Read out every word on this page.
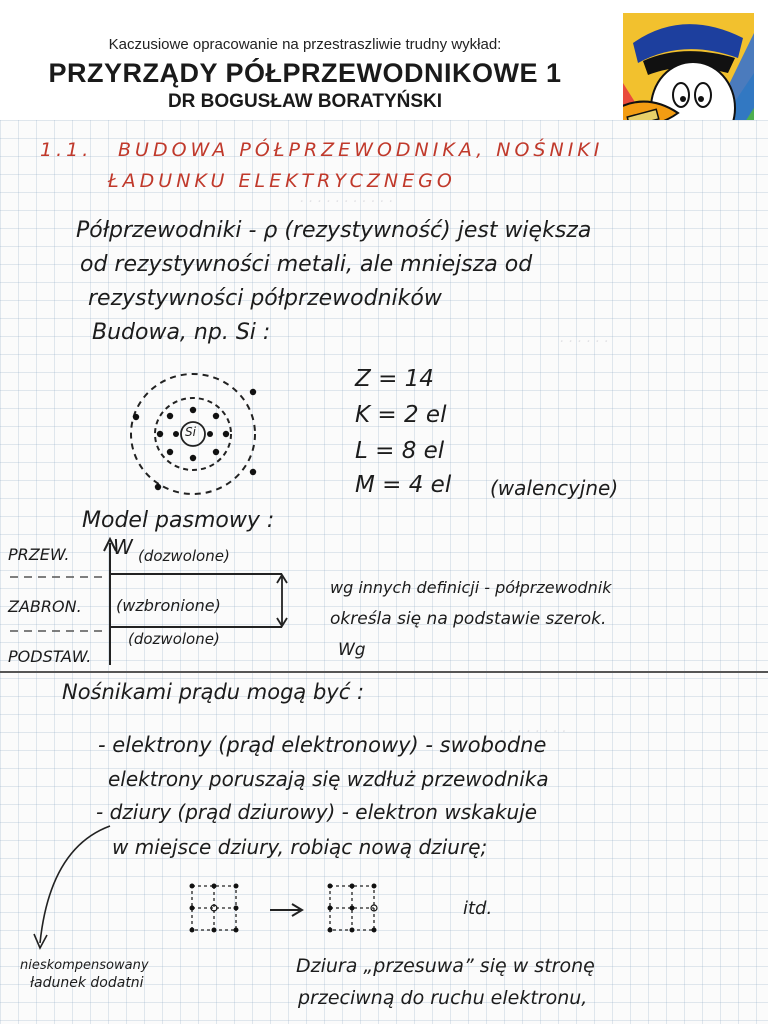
Kaczusiowe opracowanie na przestraszliwie trudny wykład:
PRZYRZĄDY PÓŁPRZEWODNIKOWE 1
DR BOGUSŁAW BORATYŃSKI
. . . . . . . . . . .
. . . . . .
. . . . . . . .
1.1. BUDOWA PÓŁPRZEWODNIKA, NOŚNIKI
ŁADUNKU ELEKTRYCZNEGO
Półprzewodniki - ρ (rezystywność) jest większa
od rezystywności metali, ale mniejsza od
rezystywności półprzewodników
Budowa, np. Si :
Si
Z = 14
K = 2 el
L = 8 el
M = 4 el (walencyjne)
Model pasmowy :
W
PRZEW.
ZABRON.
PODSTAW.
(dozwolone)
(wzbronione)
(dozwolone)
wg innych definicji - półprzewodnik
określa się na podstawie szerok.
Wg
Nośnikami prądu mogą być :
- elektrony (prąd elektronowy) - swobodne
elektrony poruszają się wzdłuż przewodnika
- dziury (prąd dziurowy) - elektron wskakuje
w miejsce dziury, robiąc nową dziurę;
itd.
nieskompensowany
ładunek dodatni
Dziura „przesuwa” się w stronę
przeciwną do ruchu elektronu,
